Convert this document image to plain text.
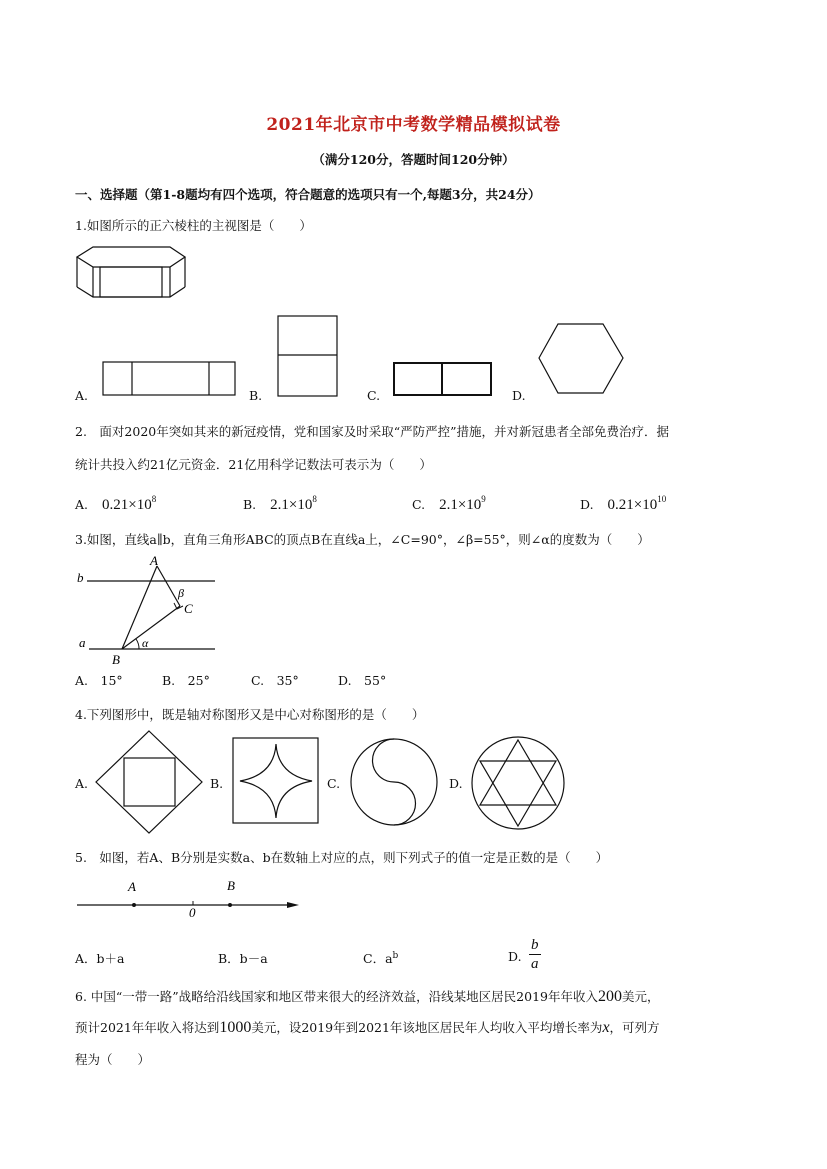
2021年北京市中考数学精品模拟试卷
（满分120分，答题时间120分钟）
一、选择题（第1-8题均有四个选项，符合题意的选项只有一个,每题3分，共24分）
1.如图所示的正六棱柱的主视图是（　　）
A.	B.	C.	D.
2.　面对2020年突如其来的新冠疫情，党和国家及时采取“严防严控”措施，并对新冠患者全部免费治疗．据
统计共投入约21亿元资金．21亿用科学记数法可表示为（　　）
A. $0.21\times 10^8$	B. $2.1\times 10^8$	C. $2.1\times 10^9$	D. $0.21\times 10^{10}$
3.如图，直线a∥b，直角三角形ABC的顶点B在直线a上，∠C=90°，∠β=55°，则∠α的度数为（　　）
A
b
β
C
α
a
B
A.　15°	B.　25°	C.　35°	D.　55°
4.下列图形中，既是轴对称图形又是中心对称图形的是（　　）
A.	B.	C.	D.
5.　如图，若A、B分别是实数a、b在数轴上对应的点，则下列式子的值一定是正数的是（　　）
A	B
0
A．b＋a	B．b－a	C．$a^b$	D. $\frac{b}{a}$
6. 中国“一带一路”战略给沿线国家和地区带来很大的经济效益，沿线某地区居民2019年年收入200美元，
预计2021年年收入将达到1000美元，设2019年到2021年该地区居民年人均收入平均增长率为x，可列方
程为（　　）
